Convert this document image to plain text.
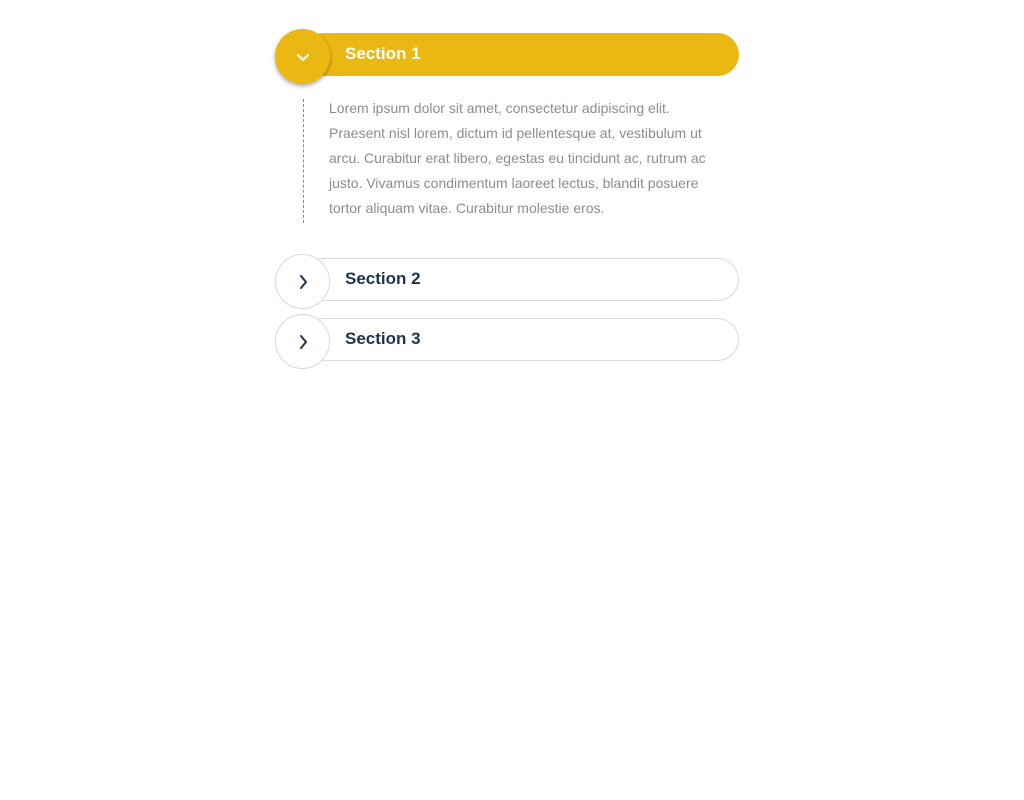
Section 1

Lorem ipsum dolor sit amet, consectetur adipiscing elit. Praesent nisl lorem, dictum id pellentesque at, vestibulum ut arcu. Curabitur erat libero, egestas eu tincidunt ac, rutrum ac justo. Vivamus condimentum laoreet lectus, blandit posuere tortor aliquam vitae. Curabitur molestie eros.

Section 2
Section 3
